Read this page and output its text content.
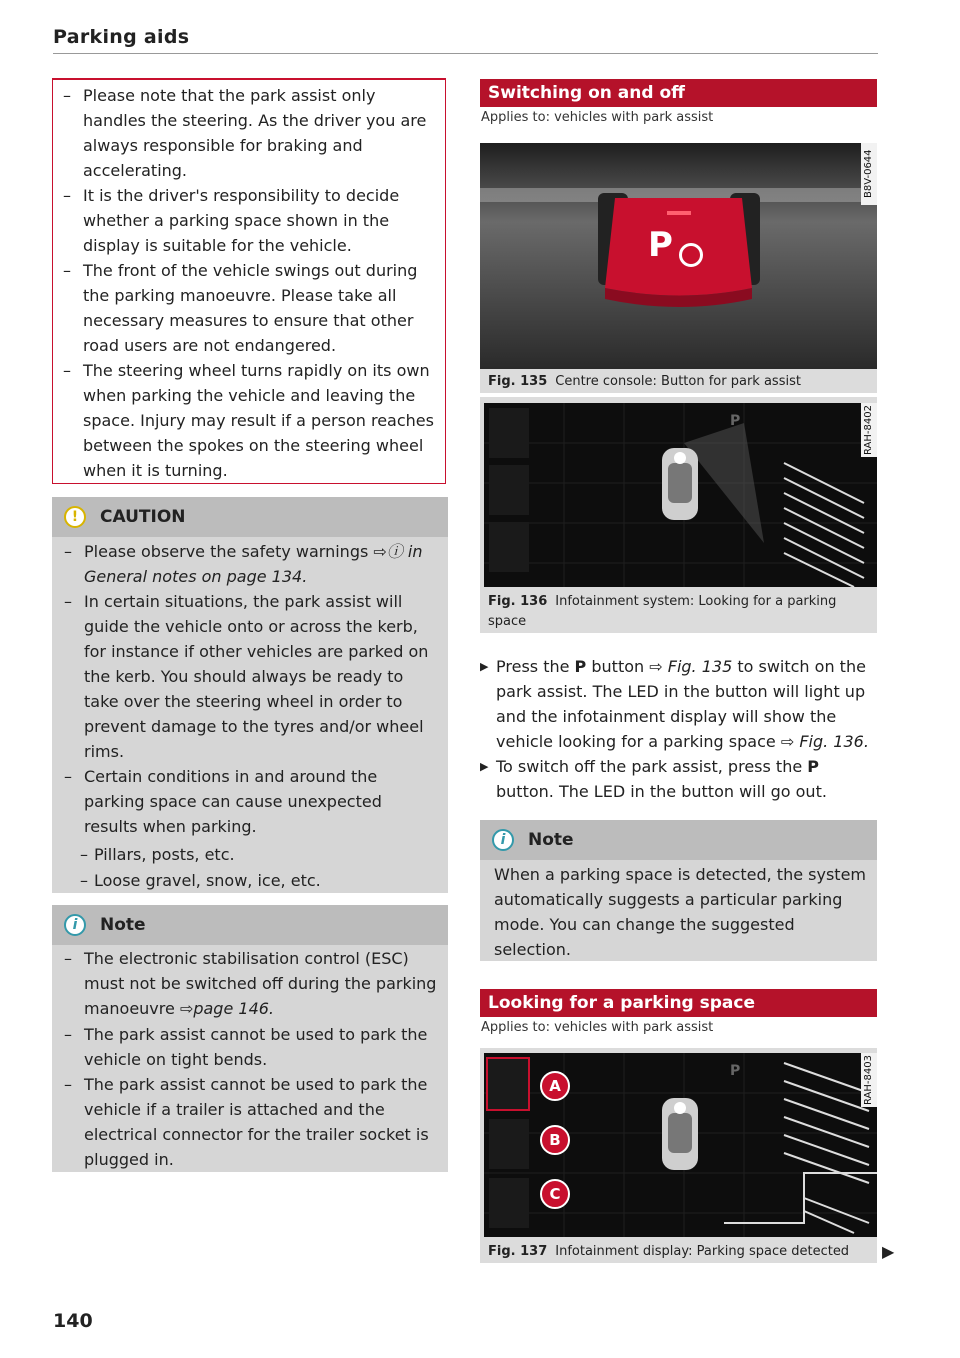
Parking aids
– Please note that the park assist only handles the steering. As the driver you are always responsible for braking and accelerating.
– It is the driver's responsibility to decide whether a parking space shown in the display is suitable for the vehicle.
– The front of the vehicle swings out during the parking manoeuvre. Please take all necessary measures to ensure that other road users are not endangered.
– The steering wheel turns rapidly on its own when parking the vehicle and leaving the space. Injury may result if a person reaches between the spokes on the steering wheel when it is turning.
!	CAUTION
– Please observe the safety warnings ⇨ⓘ in General notes on page 134.
– In certain situations, the park assist will guide the vehicle onto or across the kerb, for instance if other vehicles are parked on the kerb. You should always be ready to take over the steering wheel in order to prevent damage to the tyres and/or wheel rims.
– Certain conditions in and around the parking space can cause unexpected results when parking.
– Pillars, posts, etc.
– Loose gravel, snow, ice, etc.
i	Note
– The electronic stabilisation control (ESC) must not be switched off during the parking manoeuvre ⇨page 146.
– The park assist cannot be used to park the vehicle on tight bends.
– The park assist cannot be used to park the vehicle if a trailer is attached and the electrical connector for the trailer socket is plugged in.
Switching on and off
Applies to: vehicles with park assist
P
B8V-0644
Fig. 135 Centre console: Button for park assist
P	RAH-8402
Fig. 136 Infotainment system: Looking for a parking space
▶ Press the P button ⇨ Fig. 135 to switch on the park assist. The LED in the button will light up and the infotainment display will show the vehicle looking for a parking space ⇨ Fig. 136.
▶ To switch off the park assist, press the P button. The LED in the button will go out.
i	Note
When a parking space is detected, the system automatically suggests a particular parking mode. You can change the suggested selection.
Looking for a parking space
Applies to: vehicles with park assist
P
A
B
C
RAH-8403
Fig. 137 Infotainment display: Parking space detected	▶
140
